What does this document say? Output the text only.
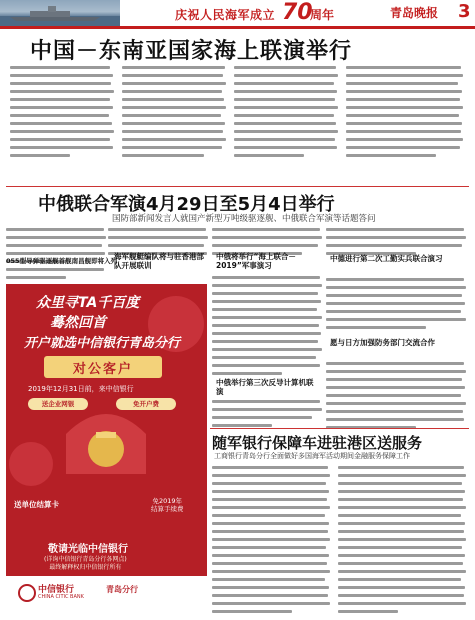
庆祝人民海军成立 70
周年	青岛晚报 3
中国－东南亚国家海上联演举行
中俄联合军演4月29日至5月4日举行
国防部新闻发言人就国产新型万吨级驱逐舰、中俄联合军演等话题答问
055型导弹驱逐舰首舰南昌舰即将入列
海军舰艇编队将与驻香港部队开展联训
众里寻TA千百度
蓦然回首
开户就选中信银行青岛分行
对公客户
2019年12月31日前，来中信银行
送企业网银	免开户费
送单位结算卡	免2019年
结算手续费
敬请光临中信银行
(详询中信银行青岛分行各网点)
最终解释权归中信银行所有
中信银行
CHINA CITIC BANK
青岛分行
中俄将举行“海上联合－2019”军事演习
中俄举行第三次反导计算机联演
中德进行第二次工勤实兵联合演习
愿与日方加强防务部门交流合作
随军银行保障车进驻港区送服务
工商银行青岛分行全面做好多国海军活动期间金融服务保障工作
